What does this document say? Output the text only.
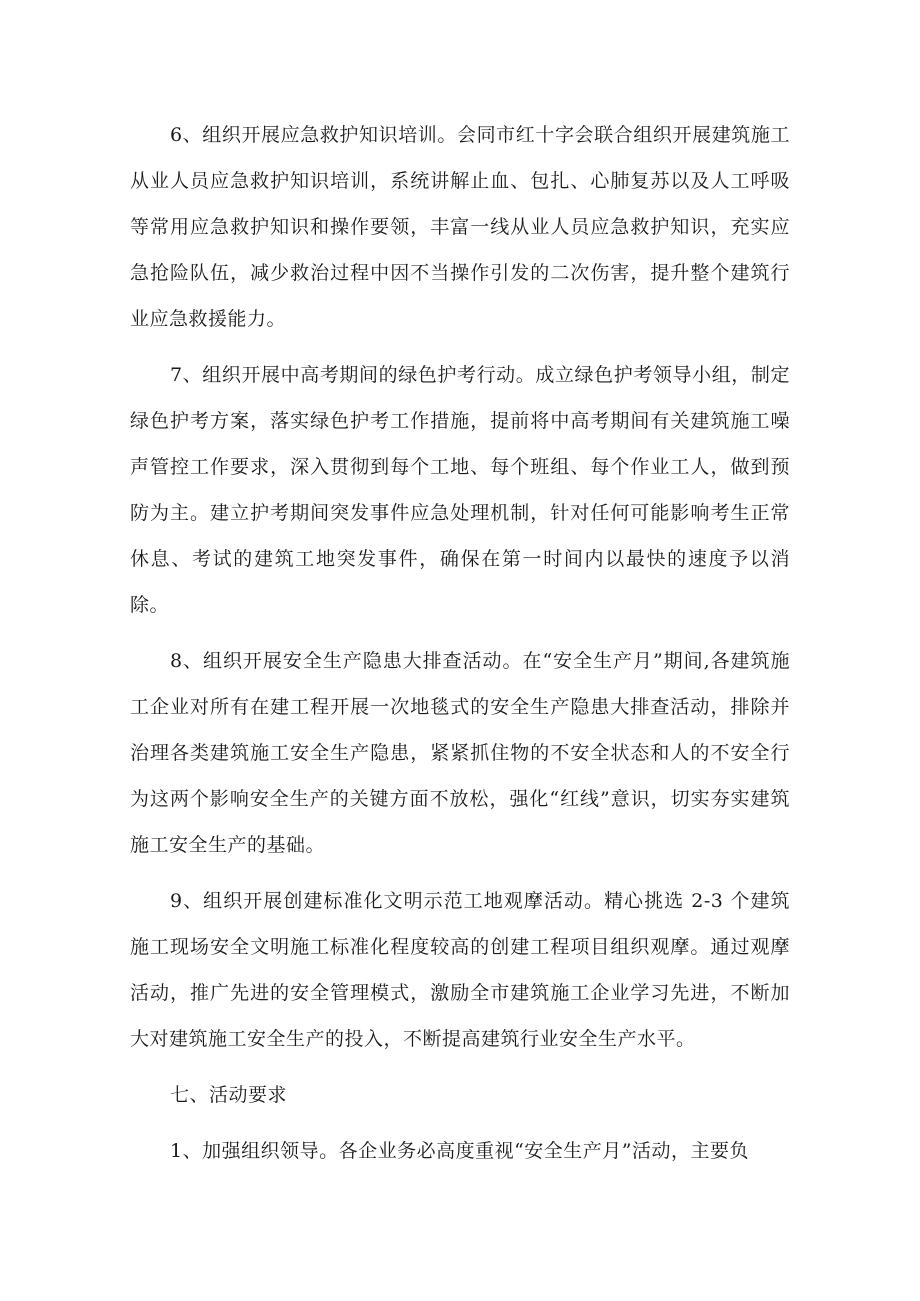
6、组织开展应急救护知识培训。会同市红十字会联合组织开展建筑施工从业人员应急救护知识培训，系统讲解止血、包扎、心肺复苏以及人工呼吸等常用应急救护知识和操作要领，丰富一线从业人员应急救护知识，充实应急抢险队伍，减少救治过程中因不当操作引发的二次伤害，提升整个建筑行业应急救援能力。

7、组织开展中高考期间的绿色护考行动。成立绿色护考领导小组，制定绿色护考方案，落实绿色护考工作措施，提前将中高考期间有关建筑施工噪声管控工作要求，深入贯彻到每个工地、每个班组、每个作业工人，做到预防为主。建立护考期间突发事件应急处理机制，针对任何可能影响考生正常休息、考试的建筑工地突发事件，确保在第一时间内以最快的速度予以消除。

8、组织开展安全生产隐患大排查活动。在“安全生产月”期间,各建筑施工企业对所有在建工程开展一次地毯式的安全生产隐患大排查活动，排除并治理各类建筑施工安全生产隐患，紧紧抓住物的不安全状态和人的不安全行为这两个影响安全生产的关键方面不放松，强化“红线”意识，切实夯实建筑施工安全生产的基础。

9、组织开展创建标准化文明示范工地观摩活动。精心挑选 2-3 个建筑施工现场安全文明施工标准化程度较高的创建工程项目组织观摩。通过观摩活动，推广先进的安全管理模式，激励全市建筑施工企业学习先进，不断加大对建筑施工安全生产的投入，不断提高建筑行业安全生产水平。

七、活动要求

1、加强组织领导。各企业务必高度重视“安全生产月”活动，主要负
